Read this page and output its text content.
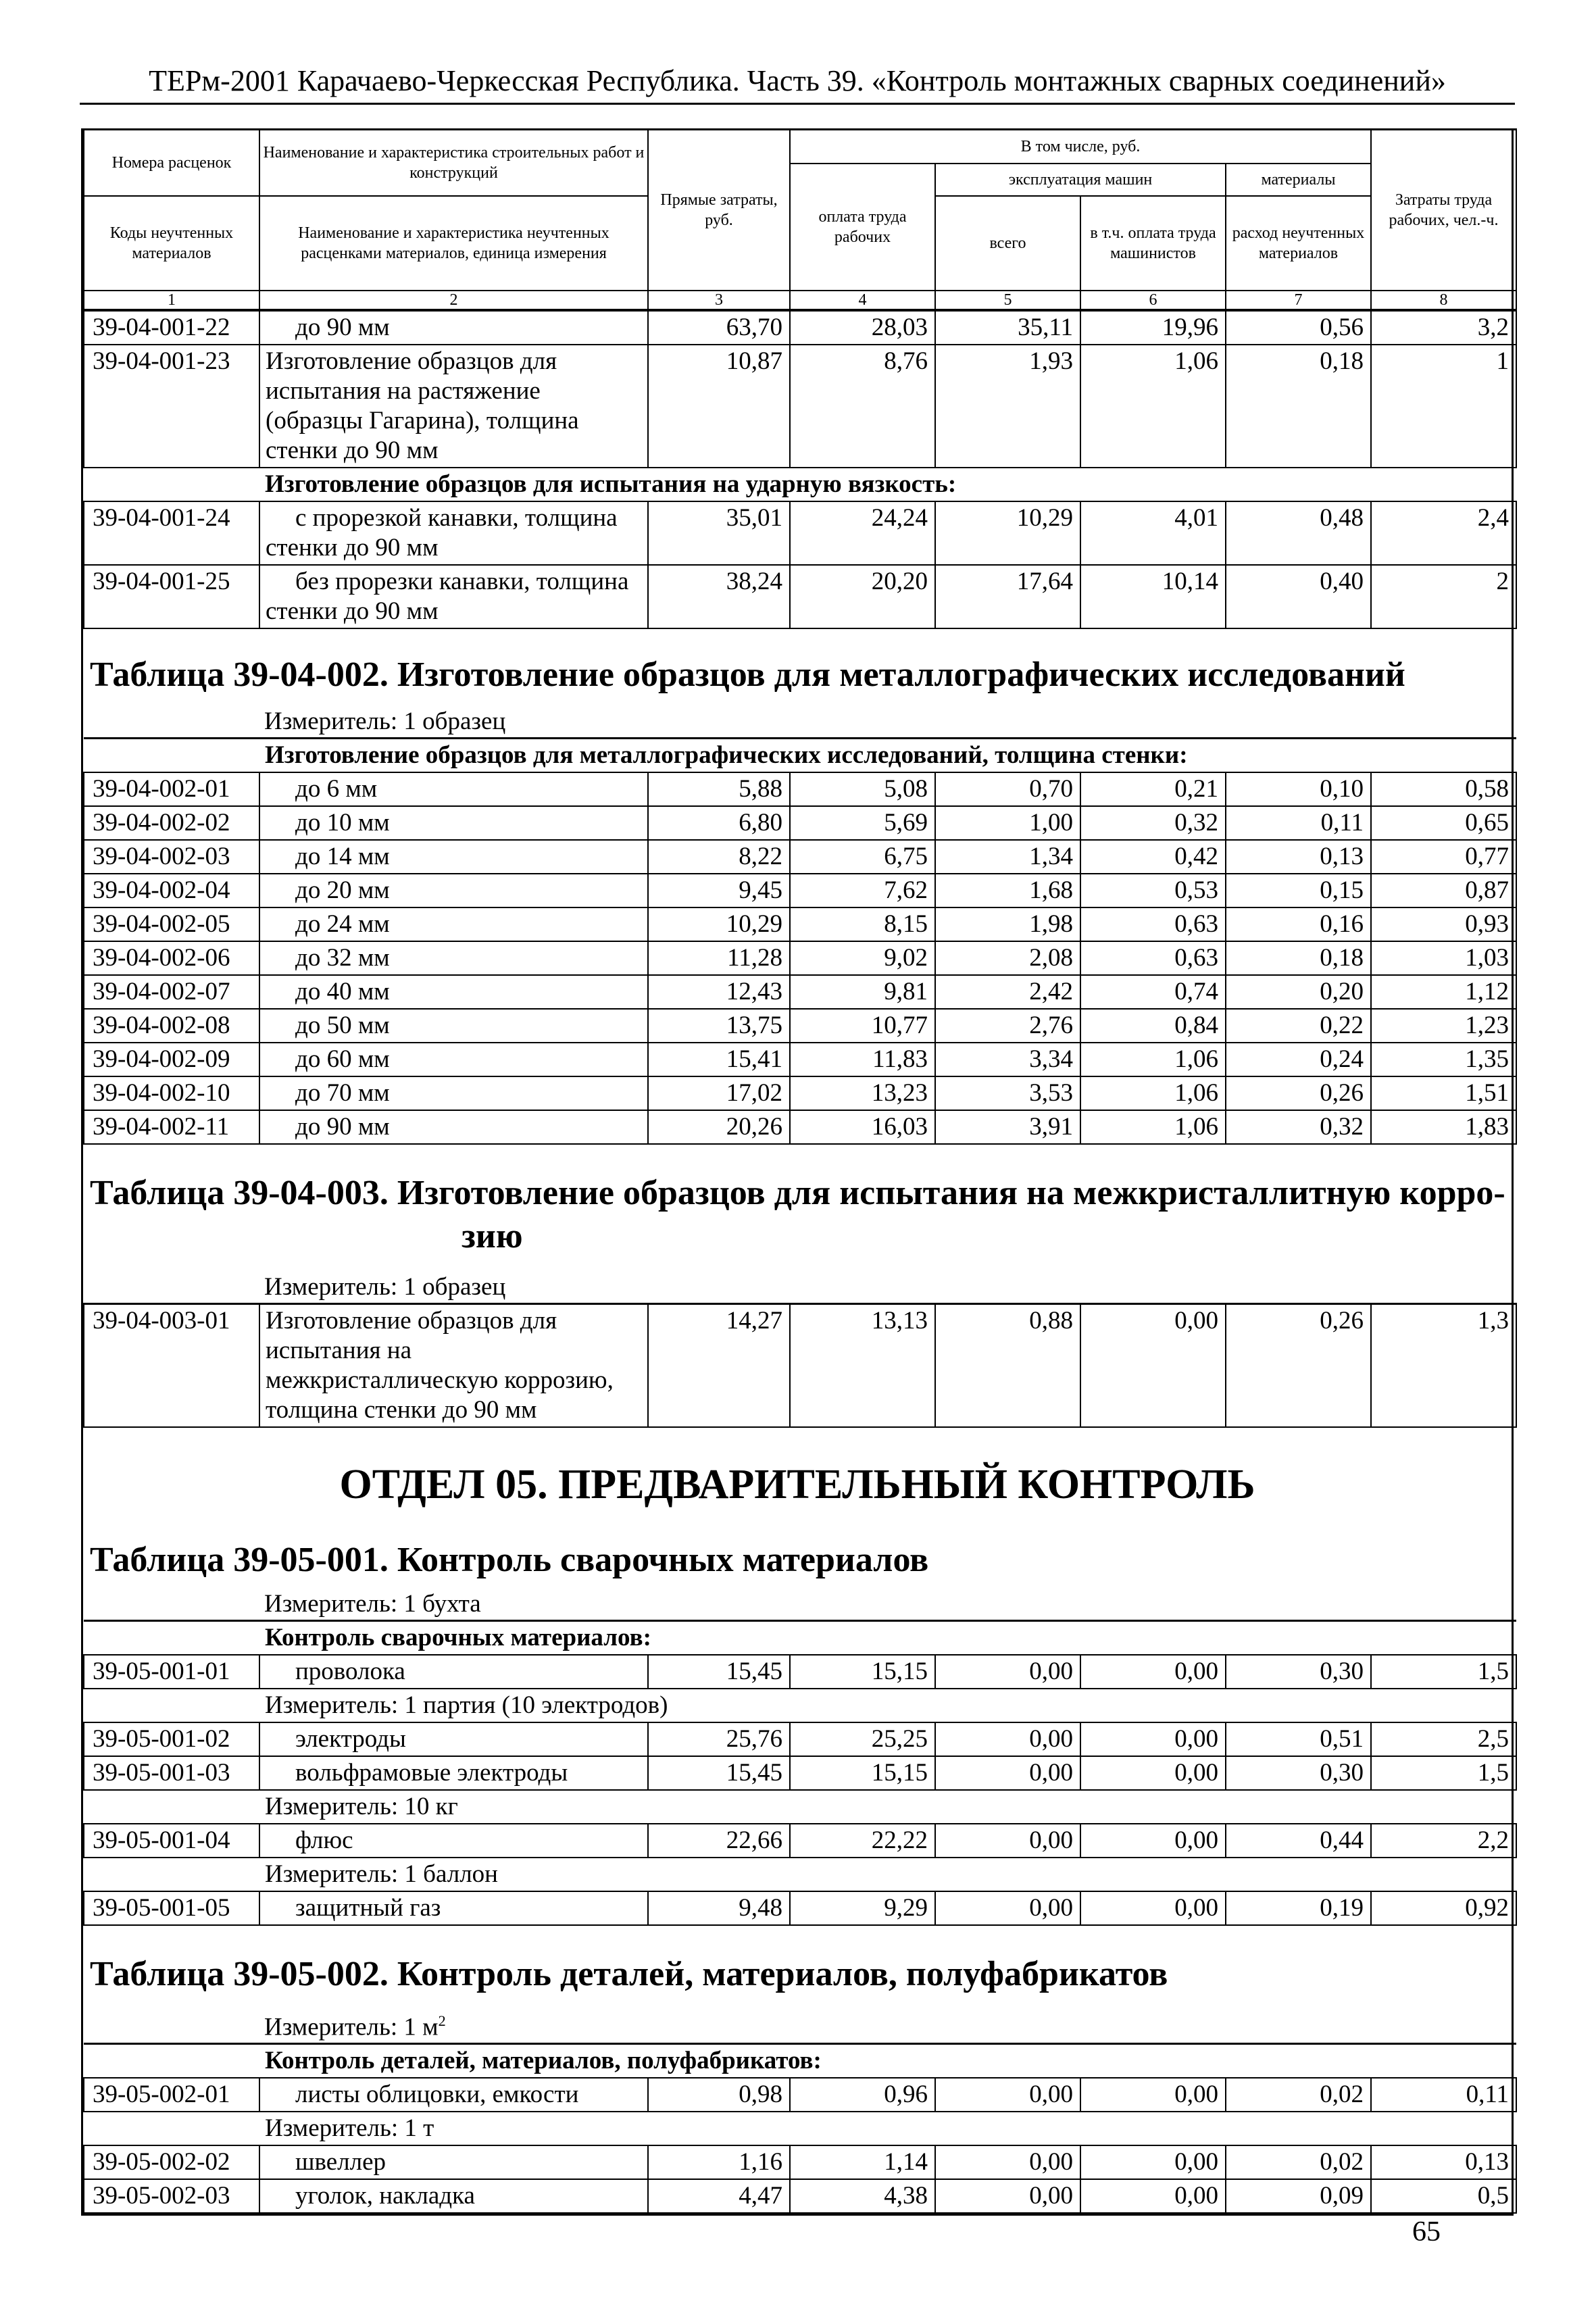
ТЕРм-2001 Карачаево-Черкесская Республика. Часть 39. «Контроль монтажных сварных соединений»
Номера расценок	Наименование и характеристика строительных работ и конструкций	Прямые затраты, руб.	В том числе, руб.				Затраты труда рабочих, чел.-ч.
			оплата труда рабочих	эксплуатация машин		материалы	
Коды неучтенных материалов	Наименование и характеристика неучтенных расценками материалов, единица измерения			всего	в т.ч. оплата труда машинистов	расход неучтенных материалов	

1	2	3	4	5	6	7	8
39-04-001-22	до 90 мм	63,70	28,03	35,11	19,96	0,56	3,2
39-04-001-23	Изготовление образцов для испытания на растяжение (образцы Гагарина), толщина стенки до 90 мм	10,87	8,76	1,93	1,06	0,18	1
	Изготовление образцов для испытания на ударную вязкость:						
39-04-001-24	с прорезкой канавки, толщина стенки до 90 мм	35,01	24,24	10,29	4,01	0,48	2,4
39-04-001-25	без прорезки канавки, толщина стенки до 90 мм	38,24	20,20	17,64	10,14	0,40	2
Таблица 39-04-002. Изготовление образцов для металлографических исследований
Измеритель: 1 образец
	Изготовление образцов для металлографических исследований, толщина стенки:						
39-04-002-01	до 6 мм	5,88	5,08	0,70	0,21	0,10	0,58
39-04-002-02	до 10 мм	6,80	5,69	1,00	0,32	0,11	0,65
39-04-002-03	до 14 мм	8,22	6,75	1,34	0,42	0,13	0,77
39-04-002-04	до 20 мм	9,45	7,62	1,68	0,53	0,15	0,87
39-04-002-05	до 24 мм	10,29	8,15	1,98	0,63	0,16	0,93
39-04-002-06	до 32 мм	11,28	9,02	2,08	0,63	0,18	1,03
39-04-002-07	до 40 мм	12,43	9,81	2,42	0,74	0,20	1,12
39-04-002-08	до 50 мм	13,75	10,77	2,76	0,84	0,22	1,23
39-04-002-09	до 60 мм	15,41	11,83	3,34	1,06	0,24	1,35
39-04-002-10	до 70 мм	17,02	13,23	3,53	1,06	0,26	1,51
39-04-002-11	до 90 мм	20,26	16,03	3,91	1,06	0,32	1,83
Таблица 39-04-003. Изготовление образцов для испытания на межкристаллитную корро-
зию
Измеритель: 1 образец
39-04-003-01	Изготовление образцов для испытания на межкристаллическую коррозию, толщина стенки до 90 мм	14,27	13,13	0,88	0,00	0,26	1,3
ОТДЕЛ 05. ПРЕДВАРИТЕЛЬНЫЙ КОНТРОЛЬ
Таблица 39-05-001. Контроль сварочных материалов
Измеритель: 1 бухта
	Контроль сварочных материалов:						
39-05-001-01	проволока	15,45	15,15	0,00	0,00	0,30	1,5
	Измеритель: 1 партия (10 электродов)						
39-05-001-02	электроды	25,76	25,25	0,00	0,00	0,51	2,5
39-05-001-03	вольфрамовые электроды	15,45	15,15	0,00	0,00	0,30	1,5
	Измеритель: 10 кг						
39-05-001-04	флюс	22,66	22,22	0,00	0,00	0,44	2,2
	Измеритель: 1 баллон						
39-05-001-05	защитный газ	9,48	9,29	0,00	0,00	0,19	0,92
Таблица 39-05-002. Контроль деталей, материалов, полуфабрикатов
Измеритель: 1 $м^2$
	Контроль деталей, материалов, полуфабрикатов:						
39-05-002-01	листы облицовки, емкости	0,98	0,96	0,00	0,00	0,02	0,11
	Измеритель: 1 т						
39-05-002-02	швеллер	1,16	1,14	0,00	0,00	0,02	0,13
39-05-002-03	уголок, накладка	4,47	4,38	0,00	0,00	0,09	0,5
65
